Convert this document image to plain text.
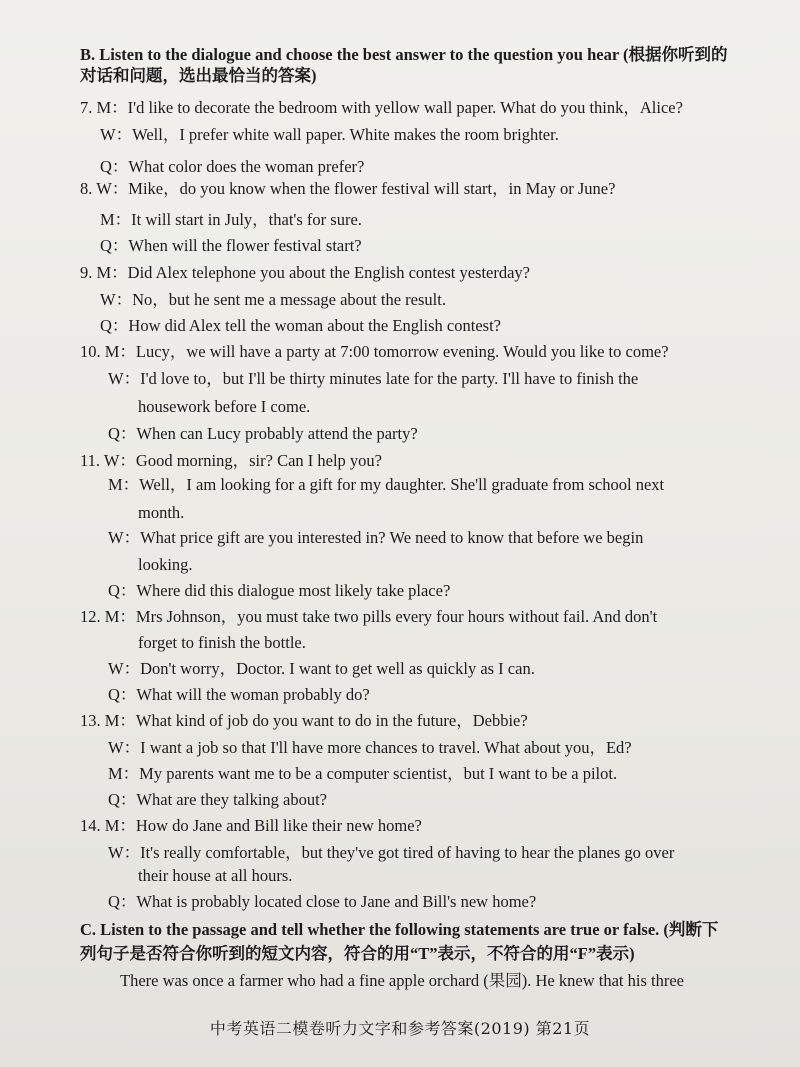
B. Listen to the dialogue and choose the best answer to the question you hear (根据你听到的对话和问题，选出最恰当的答案)
7. M：I'd like to decorate the bedroom with yellow wall paper. What do you think，Alice?
W：Well，I prefer white wall paper. White makes the room brighter.
Q：What color does the woman prefer?
8. W：Mike，do you know when the flower festival will start，in May or June?
M：It will start in July，that's for sure.
Q：When will the flower festival start?
9. M：Did Alex telephone you about the English contest yesterday?
W：No，but he sent me a message about the result.
Q：How did Alex tell the woman about the English contest?
10. M：Lucy，we will have a party at 7:00 tomorrow evening. Would you like to come?
W：I'd love to，but I'll be thirty minutes late for the party. I'll have to finish the
housework before I come.
Q：When can Lucy probably attend the party?
11. W：Good morning，sir? Can I help you?
M：Well，I am looking for a gift for my daughter. She'll graduate from school next
month.
W：What price gift are you interested in? We need to know that before we begin
looking.
Q：Where did this dialogue most likely take place?
12. M：Mrs Johnson，you must take two pills every four hours without fail. And don't
forget to finish the bottle.
W：Don't worry，Doctor. I want to get well as quickly as I can.
Q：What will the woman probably do?
13. M：What kind of job do you want to do in the future，Debbie?
W：I want a job so that I'll have more chances to travel. What about you，Ed?
M：My parents want me to be a computer scientist，but I want to be a pilot.
Q：What are they talking about?
14. M：How do Jane and Bill like their new home?
W：It's really comfortable，but they've got tired of having to hear the planes go over
their house at all hours.
Q：What is probably located close to Jane and Bill's new home?
C. Listen to the passage and tell whether the following statements are true or false. (判断下列句子是否符合你听到的短文内容，符合的用“T”表示，不符合的用“F”表示)
There was once a farmer who had a fine apple orchard (果园). He knew that his three
中考英语二模卷听力文字和参考答案(2019) 第21页
